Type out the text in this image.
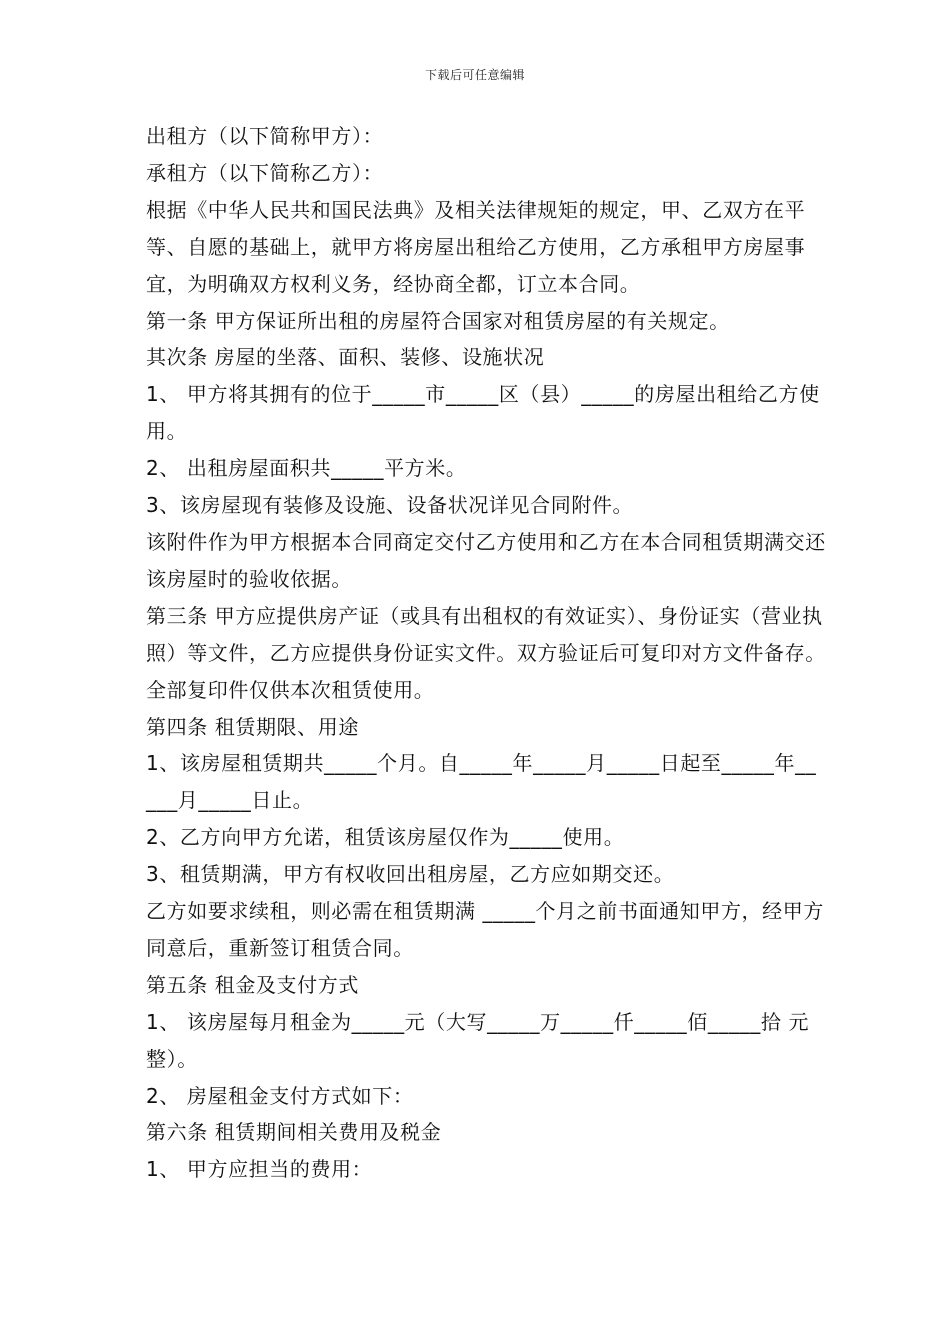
下载后可任意编辑

出租方（以下简称甲方）：

承租方（以下简称乙方）：

根据《中华人民共和国民法典》及相关法律规矩的规定，甲、乙双方在平等、自愿的基础上，就甲方将房屋出租给乙方使用，乙方承租甲方房屋事宜，为明确双方权利义务，经协商全都，订立本合同。

第一条 甲方保证所出租的房屋符合国家对租赁房屋的有关规定。

其次条 房屋的坐落、面积、装修、设施状况

1、 甲方将其拥有的位于_____市_____区（县）_____的房屋出租给乙方使用。

2、 出租房屋面积共_____平方米。

3、该房屋现有装修及设施、设备状况详见合同附件。

该附件作为甲方根据本合同商定交付乙方使用和乙方在本合同租赁期满交还该房屋时的验收依据。

第三条 甲方应提供房产证（或具有出租权的有效证实）、身份证实（营业执照）等文件，乙方应提供身份证实文件。双方验证后可复印对方文件备存。全部复印件仅供本次租赁使用。

第四条 租赁期限、用途

1、该房屋租赁期共_____个月。自_____年_____月_____日起至_____年_____月_____日止。

2、乙方向甲方允诺，租赁该房屋仅作为_____使用。

3、租赁期满，甲方有权收回出租房屋，乙方应如期交还。

乙方如要求续租，则必需在租赁期满 _____个月之前书面通知甲方，经甲方同意后，重新签订租赁合同。

第五条 租金及支付方式

1、 该房屋每月租金为_____元（大写_____万_____仟_____佰_____拾 元整）。

2、 房屋租金支付方式如下：

第六条 租赁期间相关费用及税金

1、 甲方应担当的费用：
